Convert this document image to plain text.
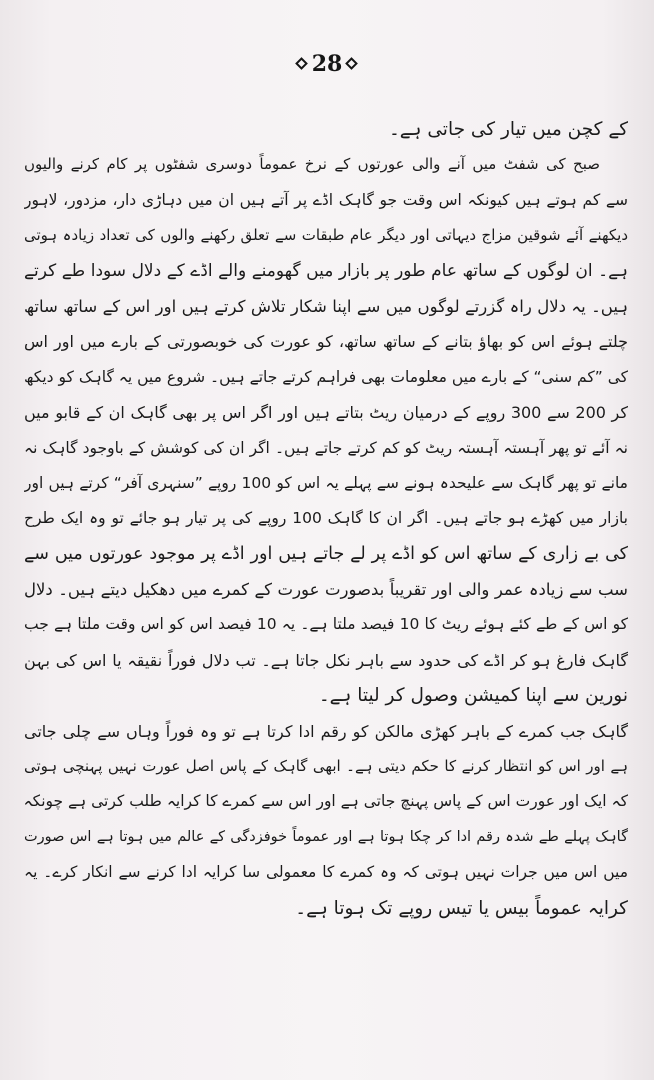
28
کے کچن میں تیار کی جاتی ہے۔
صبح کی شفٹ میں آنے والی عورتوں کے نرخ عموماً دوسری شفٹوں پر کام کرنے والیوں
سے کم ہوتے ہیں کیونکہ اس وقت جو گاہک اڈے پر آتے ہیں ان میں دہاڑی دار، مزدور، لاہور
دیکھنے آئے شوقین مزاج دیہاتی اور دیگر عام طبقات سے تعلق رکھنے والوں کی تعداد زیادہ ہوتی
ہے۔ ان لوگوں کے ساتھ عام طور پر بازار میں گھومنے والے اڈے کے دلال سودا طے کرتے
ہیں۔ یہ دلال راہ گزرتے لوگوں میں سے اپنا شکار تلاش کرتے ہیں اور اس کے ساتھ ساتھ
چلتے ہوئے اس کو بھاؤ بتانے کے ساتھ ساتھ، کو عورت کی خوبصورتی کے بارے میں اور اس
کی ”کم سنی“ کے بارے میں معلومات بھی فراہم کرتے جاتے ہیں۔ شروع میں یہ گاہک کو دیکھ
کر 200 سے 300 روپے کے درمیان ریٹ بتاتے ہیں اور اگر اس پر بھی گاہک ان کے قابو میں
نہ آئے تو پھر آہستہ آہستہ ریٹ کو کم کرتے جاتے ہیں۔ اگر ان کی کوشش کے باوجود گاہک نہ
مانے تو پھر گاہک سے علیحدہ ہونے سے پہلے یہ اس کو 100 روپے ”سنہری آفر“ کرتے ہیں اور
بازار میں کھڑے ہو جاتے ہیں۔ اگر ان کا گاہک 100 روپے کی پر تیار ہو جائے تو وہ ایک طرح
کی بے زاری کے ساتھ اس کو اڈے پر لے جاتے ہیں اور اڈے پر موجود عورتوں میں سے
سب سے زیادہ عمر والی اور تقریباً بدصورت عورت کے کمرے میں دھکیل دیتے ہیں۔ دلال
کو اس کے طے کئے ہوئے ریٹ کا 10 فیصد ملتا ہے۔ یہ 10 فیصد اس کو اس وقت ملتا ہے جب
گاہک فارغ ہو کر اڈے کی حدود سے باہر نکل جاتا ہے۔ تب دلال فوراً نقیقہ یا اس کی بہن
نورین سے اپنا کمیشن وصول کر لیتا ہے۔
گاہک جب کمرے کے باہر کھڑی مالکن کو رقم ادا کرتا ہے تو وہ فوراً وہاں سے چلی جاتی
ہے اور اس کو انتظار کرنے کا حکم دیتی ہے۔ ابھی گاہک کے پاس اصل عورت نہیں پہنچی ہوتی
کہ ایک اور عورت اس کے پاس پہنچ جاتی ہے اور اس سے کمرے کا کرایہ طلب کرتی ہے چونکہ
گاہک پہلے طے شدہ رقم ادا کر چکا ہوتا ہے اور عموماً خوفزدگی کے عالم میں ہوتا ہے اس صورت
میں اس میں جرات نہیں ہوتی کہ وہ کمرے کا معمولی سا کرایہ ادا کرنے سے انکار کرے۔ یہ
کرایہ عموماً بیس یا تیس روپے تک ہوتا ہے۔
